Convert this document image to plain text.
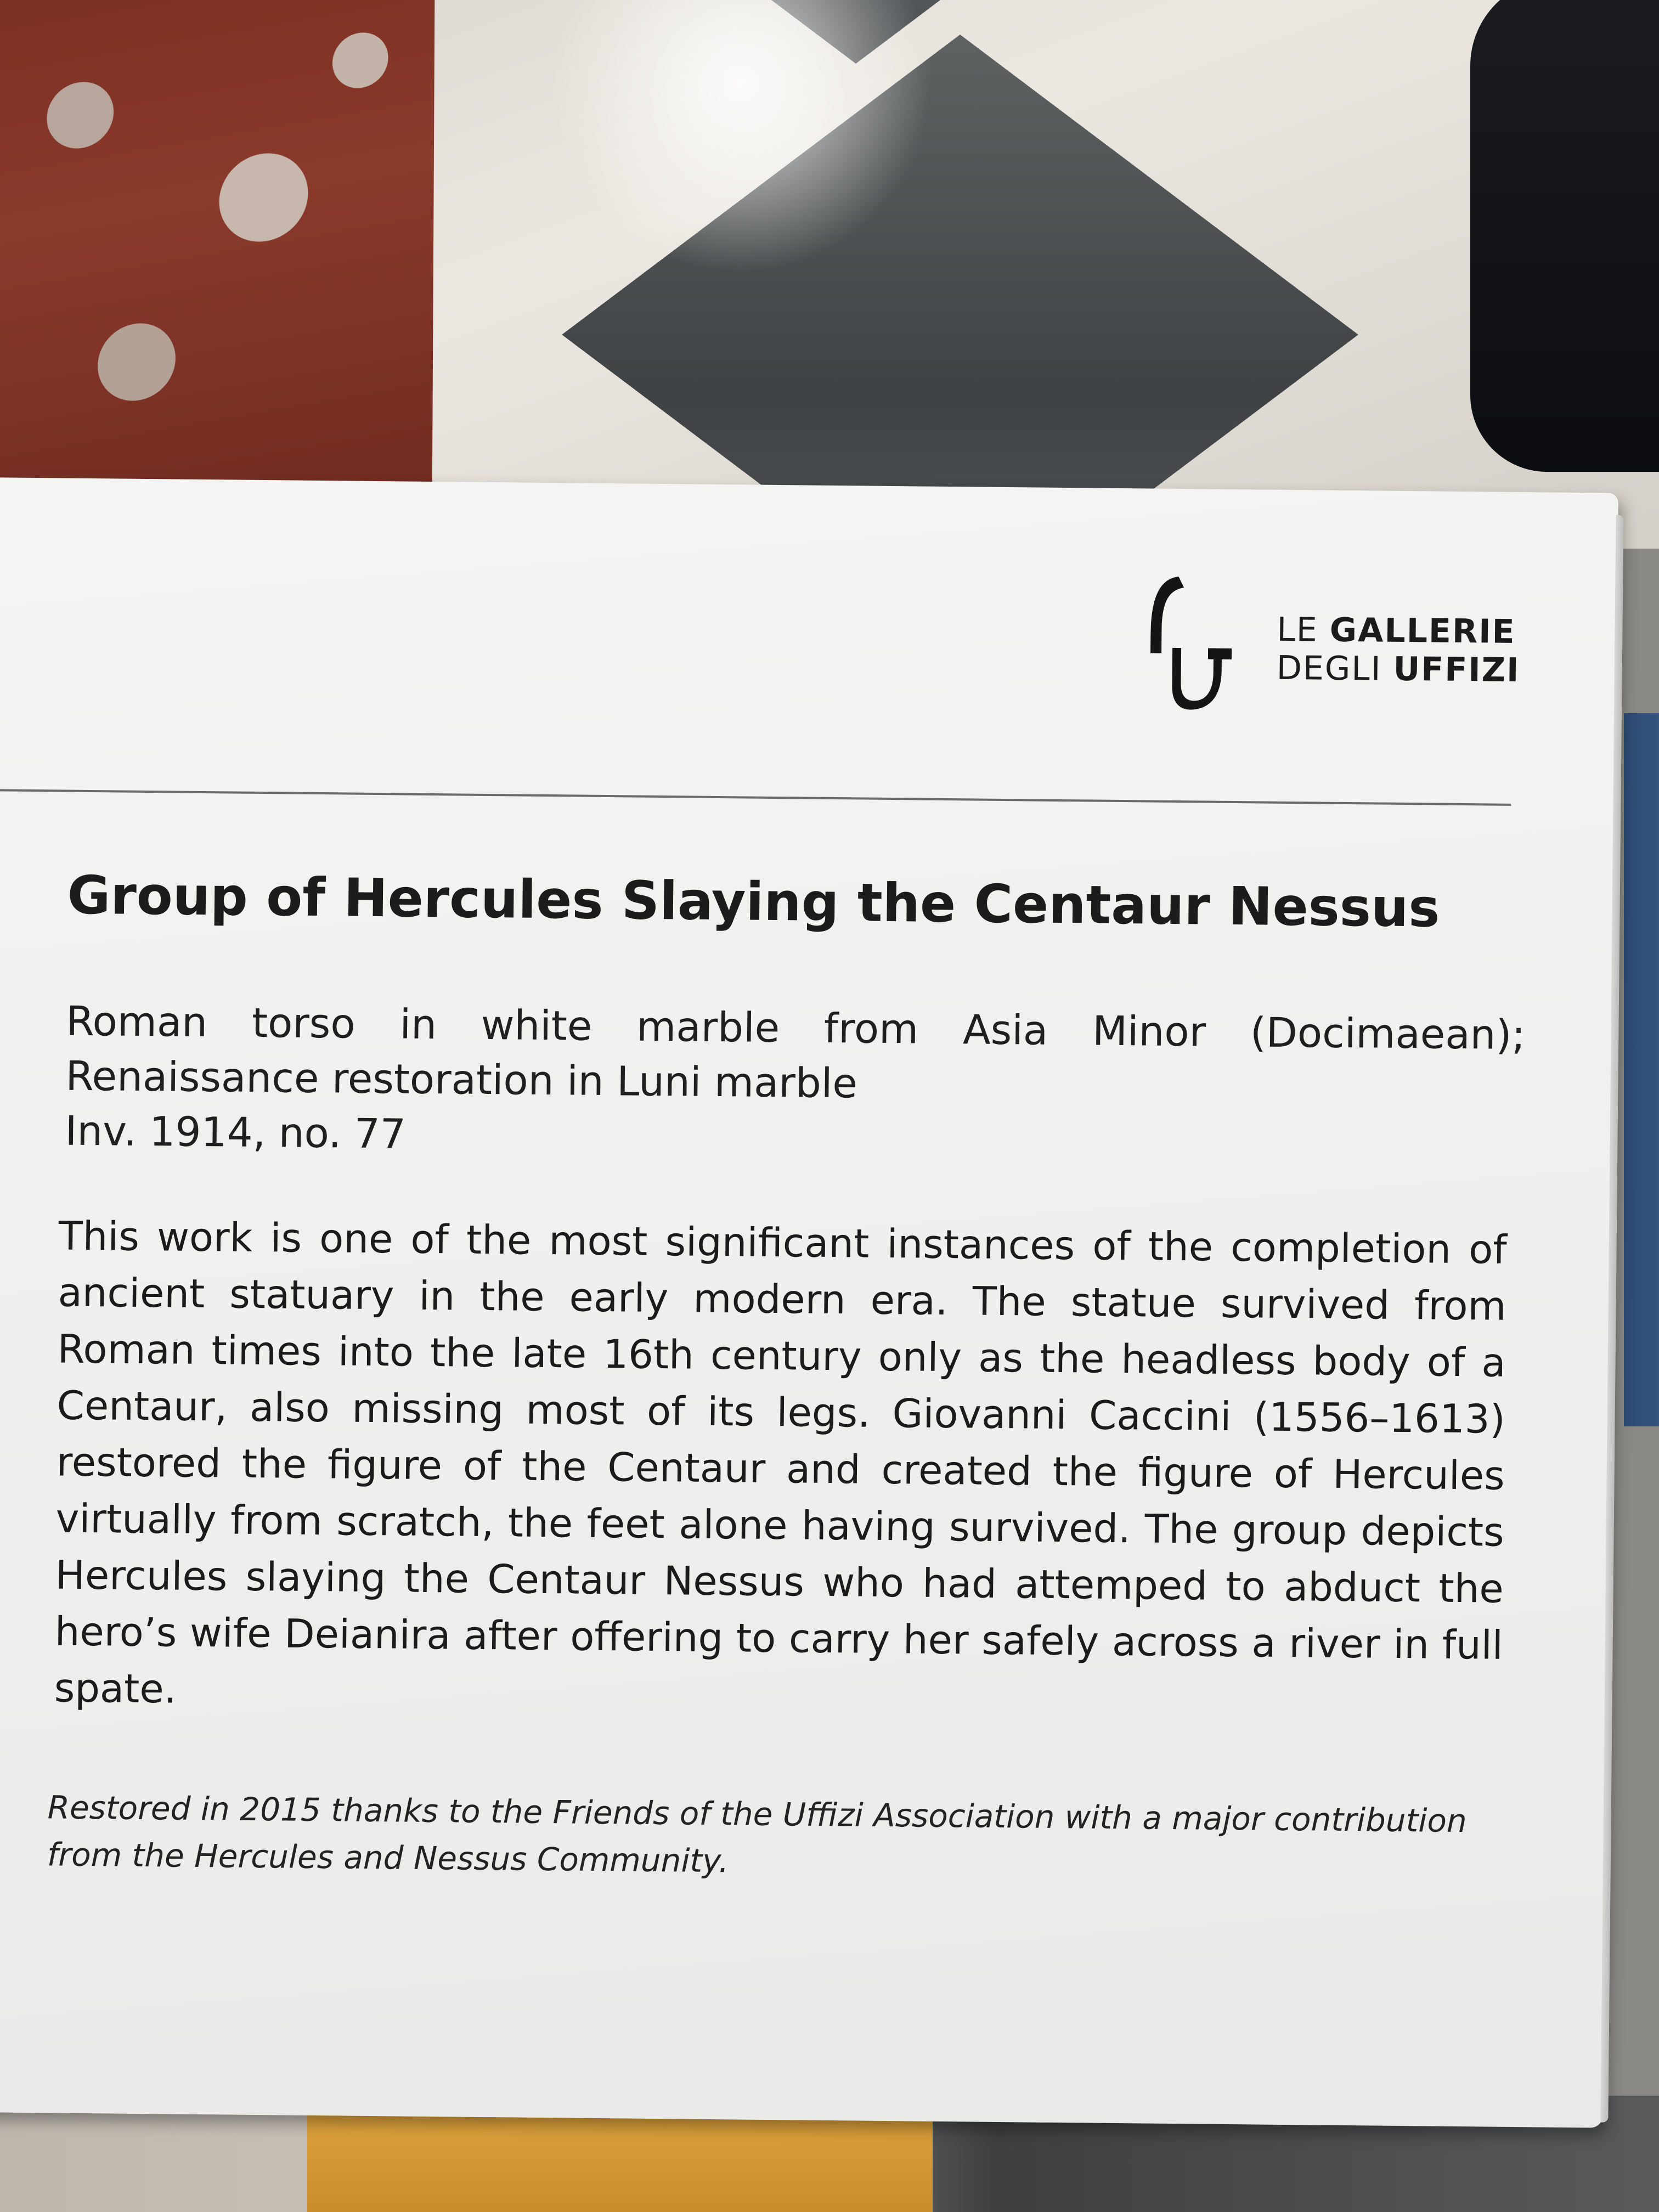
LE GALLERIE
DEGLI UFFIZI
Group of Hercules Slaying the Centaur Nessus

Roman torso in white marble from Asia Minor (Docimaean);

Renaissance restoration in Luni marble

Inv. 1914, no. 77

This work is one of the most significant instances of the completion of ancient statuary in the early modern era. The statue survived from Roman times into the late 16th century only as the headless body of a Centaur, also missing most of its legs. Giovanni Caccini (1556–1613) restored the figure of the Centaur and created the figure of Hercules virtually from scratch, the feet alone having survived. The group depicts Hercules slaying the Centaur Nessus who had attemped to abduct the hero’s wife Deianira after offering to carry her safely across a river in full spate.

Restored in 2015 thanks to the Friends of the Uffizi Association with a major contribution from the Hercules and Nessus Community.
